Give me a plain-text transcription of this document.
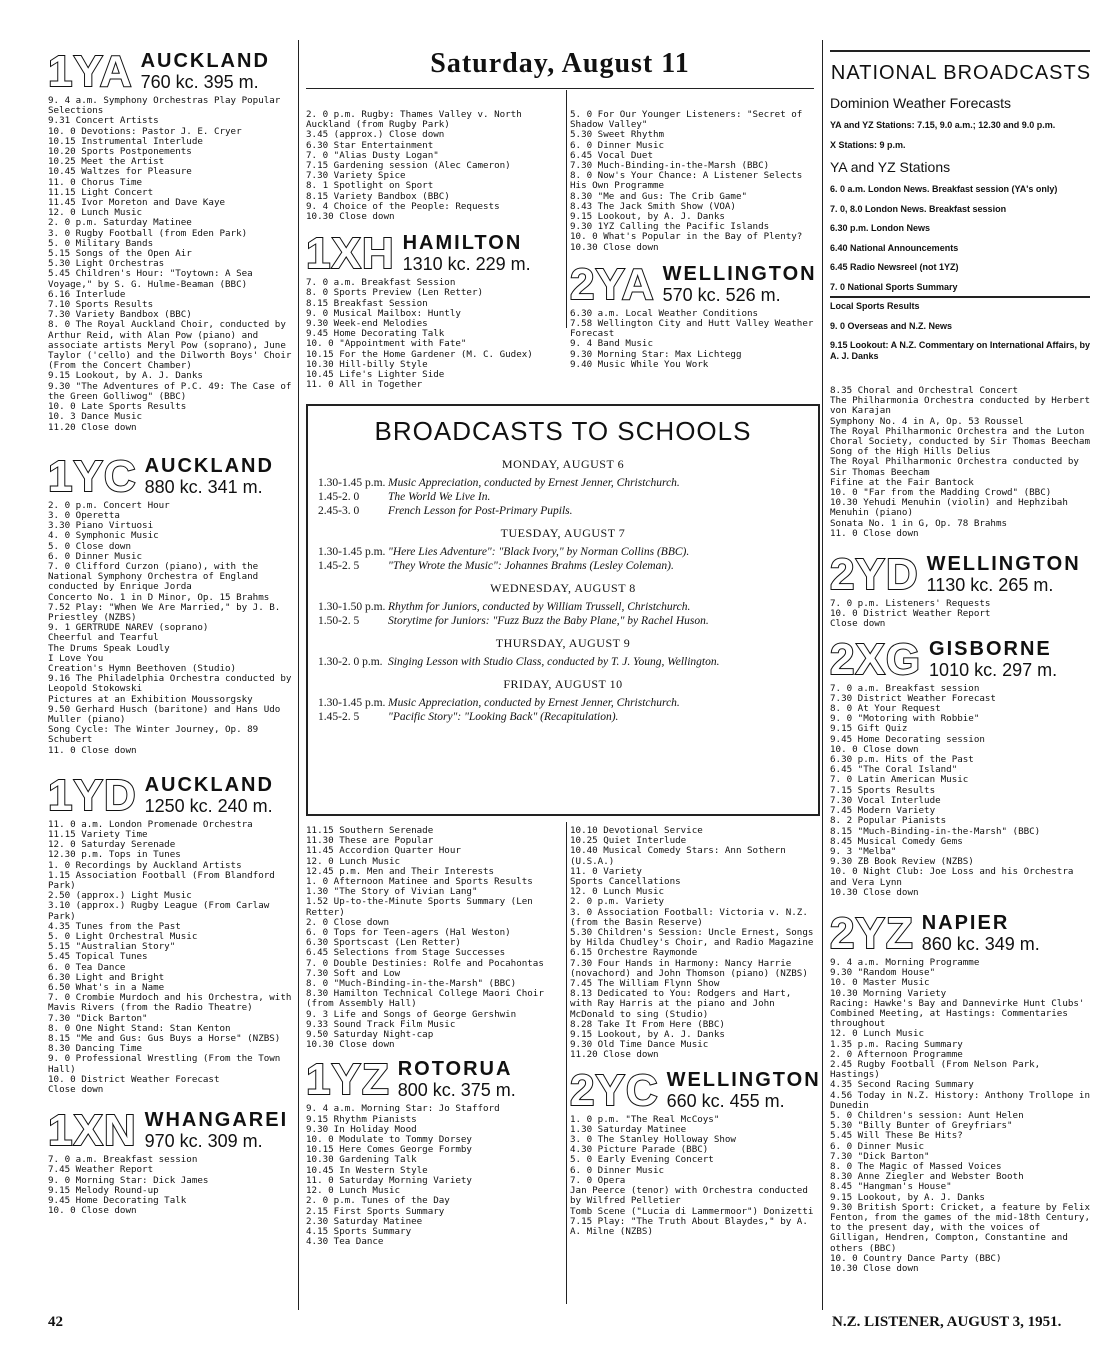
Saturday, August 11
1YA AUCKLAND
760 kc. 395 m.

9. 4 a.m. Symphony Orchestras Play Popular Selections

9.31 Concert Artists

10. 0 Devotions: Pastor J. E. Cryer

10.15 Instrumental Interlude

10.20 Sports Postponements

10.25 Meet the Artist

10.45 Waltzes for Pleasure

11. 0 Chorus Time

11.15 Light Concert

11.45 Ivor Moreton and Dave Kaye

12. 0 Lunch Music

2. 0 p.m. Saturday Matinee

3. 0 Rugby Football (from Eden Park)

5. 0 Military Bands

5.15 Songs of the Open Air

5.30 Light Orchestras

5.45 Children's Hour: "Toytown: A Sea Voyage," by S. G. Hulme-Beaman (BBC)

6.16 Interlude

7.10 Sports Results

7.30 Variety Bandbox (BBC)

8. 0 The Royal Auckland Choir, conducted by Arthur Reid, with Alan Pow (piano) and associate artists Meryl Pow (soprano), June Taylor ('cello) and the Dilworth Boys' Choir (From the Concert Chamber)

9.15 Lookout, by A. J. Danks

9.30 "The Adventures of P.C. 49: The Case of the Green Golliwog" (BBC)

10. 0 Late Sports Results

10. 3 Dance Music

11.20 Close down

1YC AUCKLAND
880 kc. 341 m.

2. 0 p.m. Concert Hour

3. 0 Operetta

3.30 Piano Virtuosi

4. 0 Symphonic Music

5. 0 Close down

6. 0 Dinner Music

7. 0 Clifford Curzon (piano), with the National Symphony Orchestra of England conducted by Enrique Jorda

Concerto No. 1 in D Minor, Op. 15 Brahms

7.52 Play: "When We Are Married," by J. B. Priestley (NZBS)

9. 1 GERTRUDE NAREV (soprano)

Cheerful and Tearful

The Drums Speak Loudly

I Love You

Creation's Hymn Beethoven (Studio)

9.16 The Philadelphia Orchestra conducted by Leopold Stokowski

Pictures at an Exhibition Moussorgsky

9.50 Gerhard Husch (baritone) and Hans Udo Muller (piano)

Song Cycle: The Winter Journey, Op. 89 Schubert

11. 0 Close down

1YD AUCKLAND
1250 kc. 240 m.

11. 0 a.m. London Promenade Orchestra

11.15 Variety Time

12. 0 Saturday Serenade

12.30 p.m. Tops in Tunes

1. 0 Recordings by Auckland Artists

1.15 Association Football (From Blandford Park)

2.50 (approx.) Light Music

3.10 (approx.) Rugby League (From Carlaw Park)

4.35 Tunes from the Past

5. 0 Light Orchestral Music

5.15 "Australian Story"

5.45 Topical Tunes

6. 0 Tea Dance

6.30 Light and Bright

6.50 What's in a Name

7. 0 Crombie Murdoch and his Orchestra, with Mavis Rivers (from the Radio Theatre)

7.30 "Dick Barton"

8. 0 One Night Stand: Stan Kenton

8.15 "Me and Gus: Gus Buys a Horse" (NZBS)

8.30 Dancing Time

9. 0 Professional Wrestling (From the Town Hall)

10. 0 District Weather Forecast

Close down

1XN WHANGAREI
970 kc. 309 m.

7. 0 a.m. Breakfast session

7.45 Weather Report

9. 0 Morning Star: Dick James

9.15 Melody Round-up

9.45 Home Decorating Talk

10. 0 Close down

2. 0 p.m. Rugby: Thames Valley v. North Auckland (from Rugby Park)

3.45 (approx.) Close down

6.30 Star Entertainment

7. 0 "Alias Dusty Logan"

7.15 Gardening session (Alec Cameron)

7.30 Variety Spice

8. 1 Spotlight on Sport

8.15 Variety Bandbox (BBC)

9. 4 Choice of the People: Requests

10.30 Close down

1XH HAMILTON
1310 kc. 229 m.

7. 0 a.m. Breakfast Session

8. 0 Sports Preview (Len Retter)

8.15 Breakfast Session

9. 0 Musical Mailbox: Huntly

9.30 Week-end Melodies

9.45 Home Decorating Talk

10. 0 "Appointment with Fate"

10.15 For the Home Gardener (M. C. Gudex)

10.30 Hill-billy Style

10.45 Life's Lighter Side

11. 0 All in Together

5. 0 For Our Younger Listeners: "Secret of Shadow Valley"

5.30 Sweet Rhythm

6. 0 Dinner Music

6.45 Vocal Duet

7.30 Much-Binding-in-the-Marsh (BBC)

8. 0 Now's Your Chance: A Listener Selects His Own Programme

8.30 "Me and Gus: The Crib Game"

8.43 The Jack Smith Show (VOA)

9.15 Lookout, by A. J. Danks

9.30 1YZ Calling the Pacific Islands

10. 0 What's Popular in the Bay of Plenty?

10.30 Close down

2YA WELLINGTON
570 kc. 526 m.

6.30 a.m. Local Weather Conditions

7.58 Wellington City and Hutt Valley Weather Forecast

9. 4 Band Music

9.30 Morning Star: Max Lichtegg

9.40 Music While You Work

BROADCASTS TO SCHOOLS
MONDAY, AUGUST 6
1.30-1.45 p.m. Music Appreciation, conducted by Ernest Jenner, Christchurch.
1.45-2. 0	The World We Live In.
2.45-3. 0	French Lesson for Post-Primary Pupils.
TUESDAY, AUGUST 7
1.30-1.45 p.m. "Here Lies Adventure": "Black Ivory," by Norman Collins (BBC).
1.45-2. 5	"They Wrote the Music": Johannes Brahms (Lesley Coleman).
WEDNESDAY, AUGUST 8
1.30-1.50 p.m. Rhythm for Juniors, conducted by William Trussell, Christchurch.
1.50-2. 5	Storytime for Juniors: "Fuzz Buzz the Baby Plane," by Rachel Huson.
THURSDAY, AUGUST 9
1.30-2. 0 p.m. Singing Lesson with Studio Class, conducted by T. J. Young, Wellington.
FRIDAY, AUGUST 10
1.30-1.45 p.m. Music Appreciation, conducted by Ernest Jenner, Christchurch.
1.45-2. 5	"Pacific Story": "Looking Back" (Recapitulation).

11.15 Southern Serenade

11.30 These are Popular

11.45 Accordion Quarter Hour

12. 0 Lunch Music

12.45 p.m. Men and Their Interests

1. 0 Afternoon Matinee and Sports Results

1.30 "The Story of Vivian Lang"

1.52 Up-to-the-Minute Sports Summary (Len Retter)

2. 0 Close down

6. 0 Tops for Teen-agers (Hal Weston)

6.30 Sportscast (Len Retter)

6.45 Selections from Stage Successes

7. 0 Double Destinies: Rolfe and Pocahontas

7.30 Soft and Low

8. 0 "Much-Binding-in-the-Marsh" (BBC)

8.30 Hamilton Technical College Maori Choir (from Assembly Hall)

9. 3 Life and Songs of George Gershwin

9.33 Sound Track Film Music

9.50 Saturday Night-cap

10.30 Close down

1YZ ROTORUA
800 kc. 375 m.

9. 4 a.m. Morning Star: Jo Stafford

9.15 Rhythm Pianists

9.30 In Holiday Mood

10. 0 Modulate to Tommy Dorsey

10.15 Here Comes George Formby

10.30 Gardening Talk

10.45 In Western Style

11. 0 Saturday Morning Variety

12. 0 Lunch Music

2. 0 p.m. Tunes of the Day

2.15 First Sports Summary

2.30 Saturday Matinee

4.15 Sports Summary

4.30 Tea Dance

10.10 Devotional Service

10.25 Quiet Interlude

10.40 Musical Comedy Stars: Ann Sothern (U.S.A.)

11. 0 Variety

Sports Cancellations

12. 0 Lunch Music

2. 0 p.m. Variety

3. 0 Association Football: Victoria v. N.Z. (from the Basin Reserve)

5.30 Children's Session: Uncle Ernest, Songs by Hilda Chudley's Choir, and Radio Magazine

6.15 Orchestre Raymonde

7.30 Four Hands in Harmony: Nancy Harrie (novachord) and John Thomson (piano) (NZBS)

7.45 The William Flynn Show

8.13 Dedicated to You: Rodgers and Hart, with Ray Harris at the piano and John McDonald to sing (Studio)

8.28 Take It From Here (BBC)

9.15 Lookout, by A. J. Danks

9.30 Old Time Dance Music

11.20 Close down

2YC WELLINGTON
660 kc. 455 m.

1. 0 p.m. "The Real McCoys"

1.30 Saturday Matinee

3. 0 The Stanley Holloway Show

4.30 Picture Parade (BBC)

5. 0 Early Evening Concert

6. 0 Dinner Music

7. 0 Opera

Jan Peerce (tenor) with Orchestra conducted by Wilfred Pelletier

Tomb Scene ("Lucia di Lammermoor") Donizetti

7.15 Play: "The Truth About Blaydes," by A. A. Milne (NZBS)

NATIONAL BROADCASTS
Dominion Weather Forecasts

YA and YZ Stations: 7.15, 9.0 a.m.; 12.30 and 9.0 p.m.

X Stations: 9 p.m.

YA and YZ Stations

6. 0 a.m. London News. Breakfast session (YA's only)

7. 0, 8.0 London News. Breakfast session

6.30 p.m. London News

6.40 National Announcements

6.45 Radio Newsreel (not 1YZ)

7. 0 National Sports Summary

Local Sports Results

9. 0 Overseas and N.Z. News

9.15 Lookout: A N.Z. Commentary on International Affairs, by A. J. Danks

8.35 Choral and Orchestral Concert

The Philharmonia Orchestra conducted by Herbert von Karajan

Symphony No. 4 in A, Op. 53 Roussel

The Royal Philharmonic Orchestra and the Luton Choral Society, conducted by Sir Thomas Beecham

Song of the High Hills Delius

The Royal Philharmonic Orchestra conducted by Sir Thomas Beecham

Fifine at the Fair Bantock

10. 0 "Far from the Madding Crowd" (BBC)

10.30 Yehudi Menuhin (violin) and Hephzibah Menuhin (piano)

Sonata No. 1 in G, Op. 78 Brahms

11. 0 Close down

2YD WELLINGTON
1130 kc. 265 m.

7. 0 p.m. Listeners' Requests

10. 0 District Weather Report

Close down

2XG GISBORNE
1010 kc. 297 m.

7. 0 a.m. Breakfast session

7.30 District Weather Forecast

8. 0 At Your Request

9. 0 "Motoring with Robbie"

9.15 Gift Quiz

9.45 Home Decorating session

10. 0 Close down

6.30 p.m. Hits of the Past

6.45 "The Coral Island"

7. 0 Latin American Music

7.15 Sports Results

7.30 Vocal Interlude

7.45 Modern Variety

8. 2 Popular Pianists

8.15 "Much-Binding-in-the-Marsh" (BBC)

8.45 Musical Comedy Gems

9. 3 "Melba"

9.30 ZB Book Review (NZBS)

10. 0 Night Club: Joe Loss and his Orchestra and Vera Lynn

10.30 Close down

2YZ NAPIER
860 kc. 349 m.

9. 4 a.m. Morning Programme

9.30 "Random House"

10. 0 Master Music

10.30 Morning Variety

Racing: Hawke's Bay and Dannevirke Hunt Clubs' Combined Meeting, at Hastings: Commentaries throughout

12. 0 Lunch Music

1.35 p.m. Racing Summary

2. 0 Afternoon Programme

2.45 Rugby Football (From Nelson Park, Hastings)

4.35 Second Racing Summary

4.56 Today in N.Z. History: Anthony Trollope in Dunedin

5. 0 Children's session: Aunt Helen

5.30 "Billy Bunter of Greyfriars"

5.45 Will These Be Hits?

6. 0 Dinner Music

7.30 "Dick Barton"

8. 0 The Magic of Massed Voices

8.30 Anne Ziegler and Webster Booth

8.45 "Hangman's House"

9.15 Lookout, by A. J. Danks

9.30 British Sport: Cricket, a feature by Felix Fenton, from the games of the mid-18th Century, to the present day, with the voices of Gilligan, Hendren, Compton, Constantine and others (BBC)

10. 0 Country Dance Party (BBC)

10.30 Close down

42	N.Z. LISTENER, AUGUST 3, 1951.
